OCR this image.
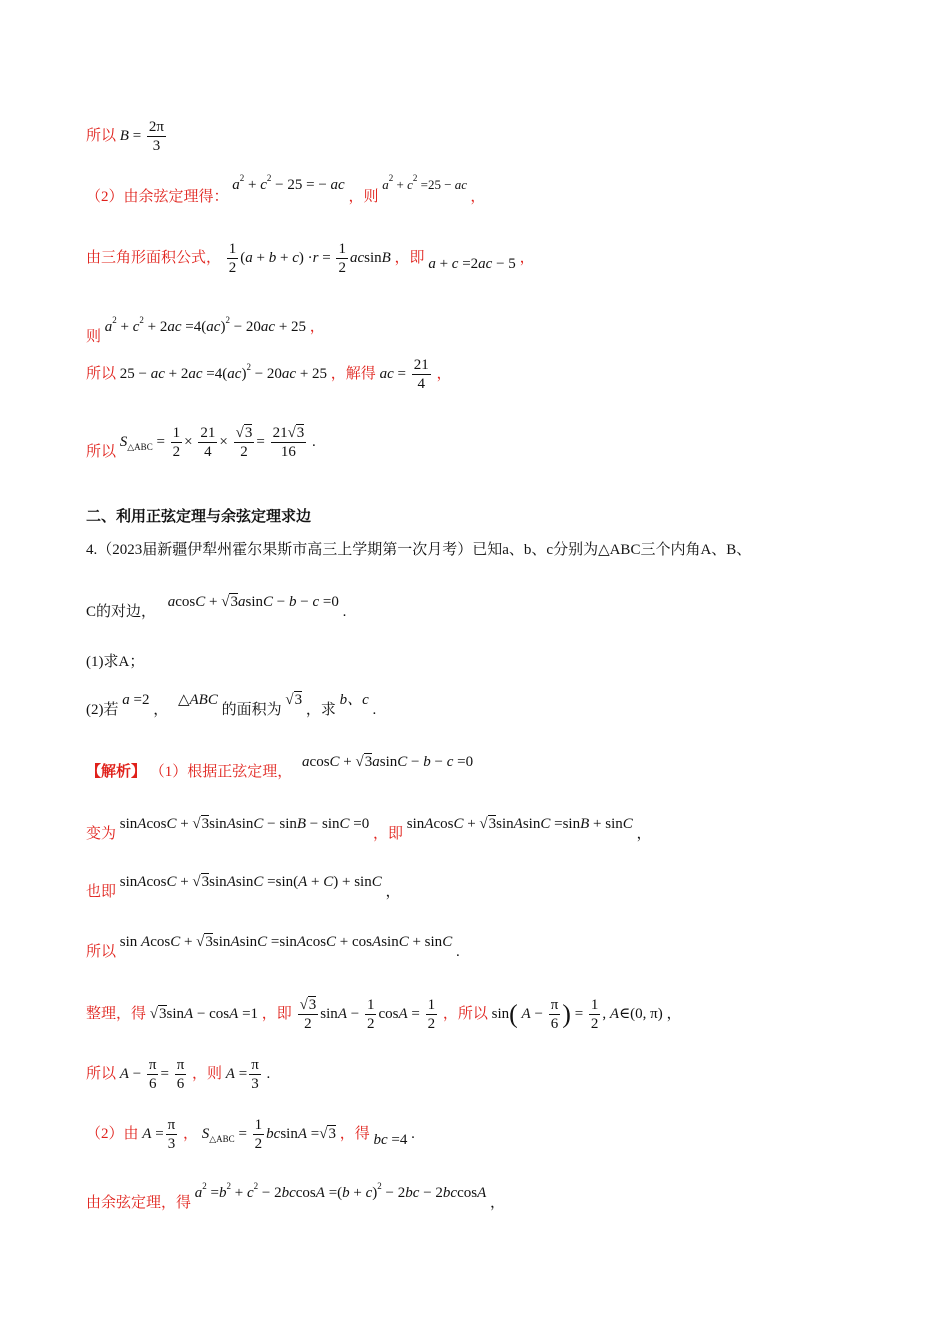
所以 $B = \frac{2\pi}{3}$
（2）由余弦定理得： $a^2 + c^2 - 25$ = − ac ，则 $a^2 + c^2 =25$ − ac ，
由三角形面积公式， $\frac{1}{2} (a + b + c) \cdot r = \frac{1}{2}$ acsinB ，即 a + c =2ac − 5 ，
则 $a^2 + c^2 + 2ac =4(ac)^2 - 20ac + 25$ ，
所以 25 − ac + 2ac =4(ac)$^2$ − 20ac + 25 ，解得 ac = $\frac{21}{4}$ ，
所以 $S_{\triangle ABC} = \frac{1}{2} \times \frac{21}{4} \times \frac{√3}{2} = \frac{21√3}{16}$ .
二、利用正弦定理与余弦定理求边
4.（2023届新疆伊犁州霍尔果斯市高三上学期第一次月考）已知a、b、c分别为△ABC三个内角A、B、
C的对边， acosC + √3asinC − b − c =0 .
(1)求A；
(2)若 a =2 ， △ABC 的面积为 √3 ，求 b、c .
【解析】 （1）根据正弦定理， acosC + √3asinC − b − c =0
变为 sinAcosC + √3sinAsinC − sinB − sinC =0 ，即 sinAcosC + √3sinAsinC =sinB + sinC ，
也即 sinAcosC + √3sinAsinC =sin(A + C) + sinC ，
所以 sin AcosC + √3sinAsinC =sinAcosC + cosAsinC + sinC .
整理，得 √3sinA − cosA =1 ，即 $\frac{√3}{2}$ $\sin A - \frac{1}{2}$ $\cos A = \frac{1}{2}$ ，所以 sin( $A - \frac{\pi}{6}$ ) = $\frac{1}{2}$ , A∈(0, π) ，
所以 $A - \frac{\pi}{6} = \frac{\pi}{6}$ ，则 $A = \frac{\pi}{3}$ .
（2）由 $A = \frac{\pi}{3}$ ， $S_{\triangle ABC} = \frac{1}{2}$ bcsinA =√3 ，得 bc =4 .
由余弦定理，得 $a^2 =b^2 + c^2 - 2bccosA =(b + c)^2 - 2bc - 2bccosA$ ，
